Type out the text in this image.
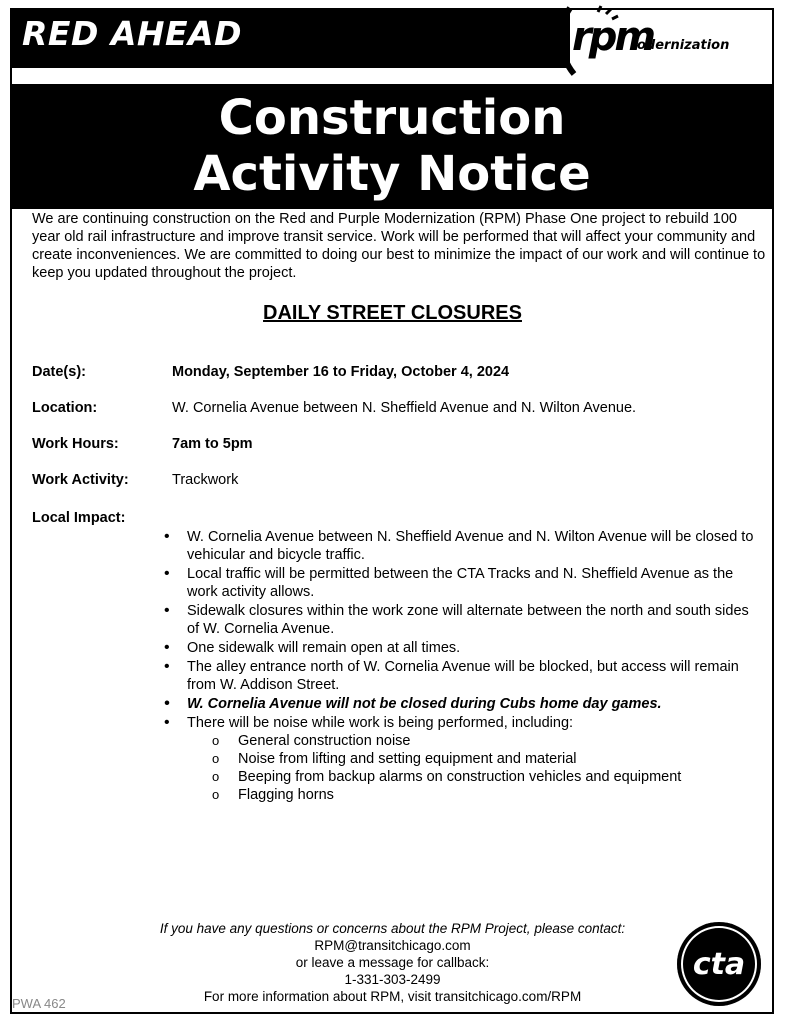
RED AHEAD	rpm
odernization
Construction
Activity Notice
We are continuing construction on the Red and Purple Modernization (RPM) Phase One project to rebuild 100 year old rail infrastructure and improve transit service. Work will be performed that will affect your community and create inconveniences. We are committed to doing our best to minimize the impact of our work and will continue to keep you updated throughout the project.
DAILY STREET CLOSURES
Date(s):	Monday, September 16 to Friday, October 4, 2024
Location:	W. Cornelia Avenue between N. Sheffield Avenue and N. Wilton Avenue.
Work Hours:	7am to 5pm
Work Activity:	Trackwork
Local Impact:
• W. Cornelia Avenue between N. Sheffield Avenue and N. Wilton Avenue will be closed to vehicular and bicycle traffic.
• Local traffic will be permitted between the CTA Tracks and N. Sheffield Avenue as the work activity allows.
• Sidewalk closures within the work zone will alternate between the north and south sides of W. Cornelia Avenue.
• One sidewalk will remain open at all times.
• The alley entrance north of W. Cornelia Avenue will be blocked, but access will remain from W. Addison Street.
• W. Cornelia Avenue will not be closed during Cubs home day games.
• There will be noise while work is being performed, including:
o General construction noise
o Noise from lifting and setting equipment and material
o Beeping from backup alarms on construction vehicles and equipment
o Flagging horns
If you have any questions or concerns about the RPM Project, please contact:
RPM@transitchicago.com
or leave a message for callback:
1-331-303-2499
For more information about RPM, visit transitchicago.com/RPM
PWA 462
cta
